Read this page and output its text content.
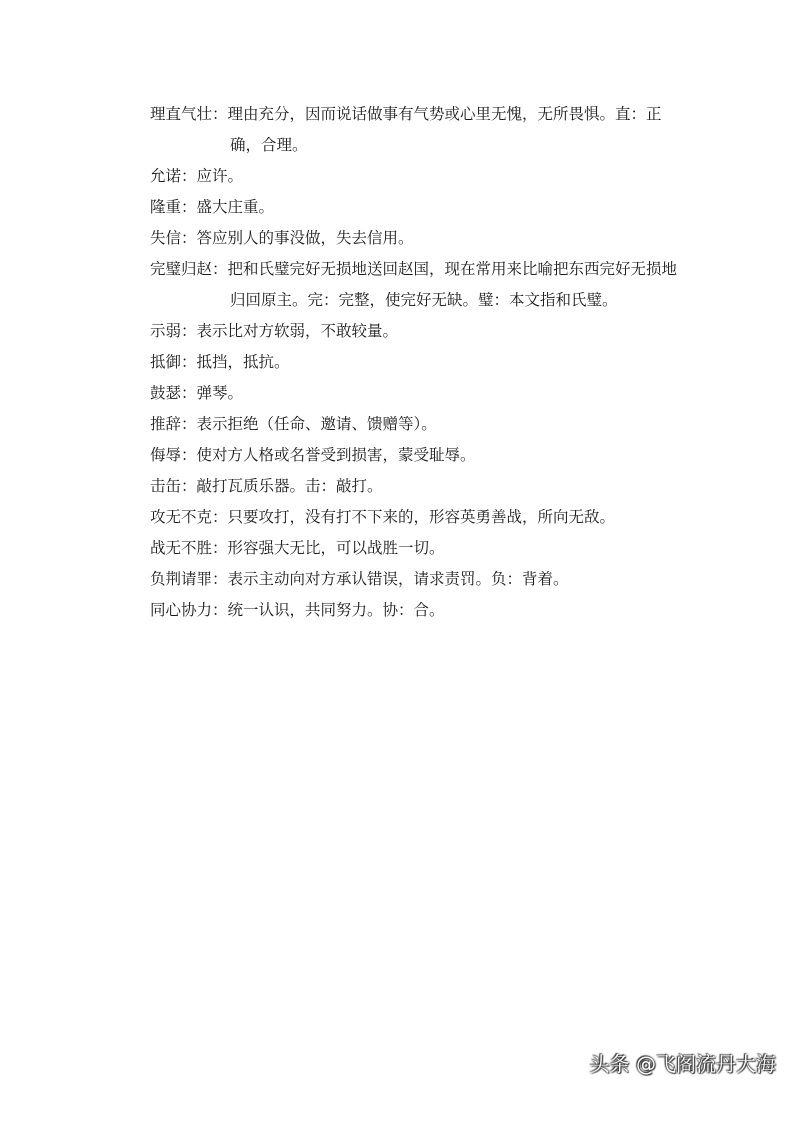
理直气壮：理由充分，因而说话做事有气势或心里无愧，无所畏惧。直：正确，合理。
允诺：应许。
隆重：盛大庄重。
失信：答应别人的事没做，失去信用。
完璧归赵：把和氏璧完好无损地送回赵国，现在常用来比喻把东西完好无损地归回原主。完：完整，使完好无缺。璧：本文指和氏璧。
示弱：表示比对方软弱，不敢较量。
抵御：抵挡，抵抗。
鼓瑟：弹琴。
推辞：表示拒绝（任命、邀请、馈赠等）。
侮辱：使对方人格或名誉受到损害，蒙受耻辱。
击缶：敲打瓦质乐器。击：敲打。
攻无不克：只要攻打，没有打不下来的，形容英勇善战，所向无敌。
战无不胜：形容强大无比，可以战胜一切。
负荆请罪：表示主动向对方承认错误，请求责罚。负：背着。
同心协力：统一认识，共同努力。协：合。
头条 @飞阁流丹大海
